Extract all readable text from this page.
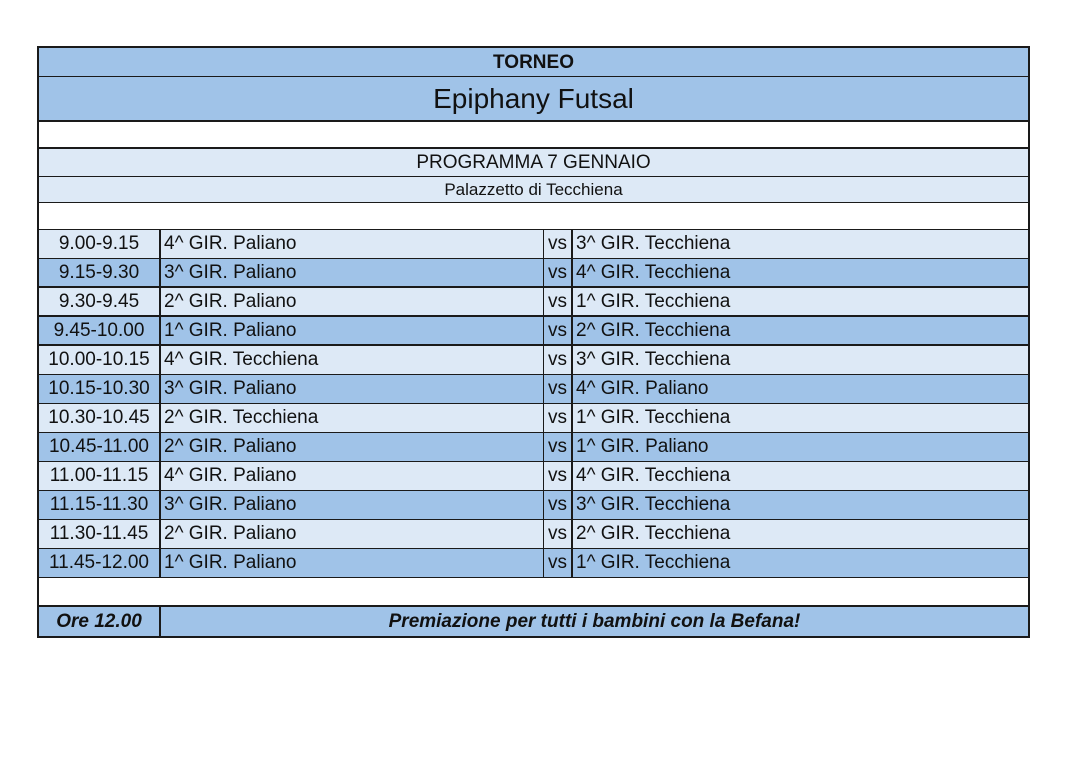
TORNEO
Epiphany Futsal
PROGRAMMA 7 GENNAIO
Palazzetto di Tecchiena
9.00-9.15	4^ GIR. Paliano	vs 3^ GIR. Tecchiena
9.15-9.30	3^ GIR. Paliano	vs 4^ GIR. Tecchiena
9.30-9.45	2^ GIR. Paliano	vs 1^ GIR. Tecchiena
9.45-10.00	1^ GIR. Paliano	vs 2^ GIR. Tecchiena
10.00-10.15 4^ GIR. Tecchiena	vs 3^ GIR. Tecchiena
10.15-10.30 3^ GIR. Paliano	vs 4^ GIR. Paliano
10.30-10.45 2^ GIR. Tecchiena	vs 1^ GIR. Tecchiena
10.45-11.00 2^ GIR. Paliano	vs 1^ GIR. Paliano
11.00-11.15 4^ GIR. Paliano	vs 4^ GIR. Tecchiena
11.15-11.30 3^ GIR. Paliano	vs 3^ GIR. Tecchiena
11.30-11.45 2^ GIR. Paliano	vs 2^ GIR. Tecchiena
11.45-12.00 1^ GIR. Paliano	vs 1^ GIR. Tecchiena
Ore 12.00	Premiazione per tutti i bambini con la Befana!
